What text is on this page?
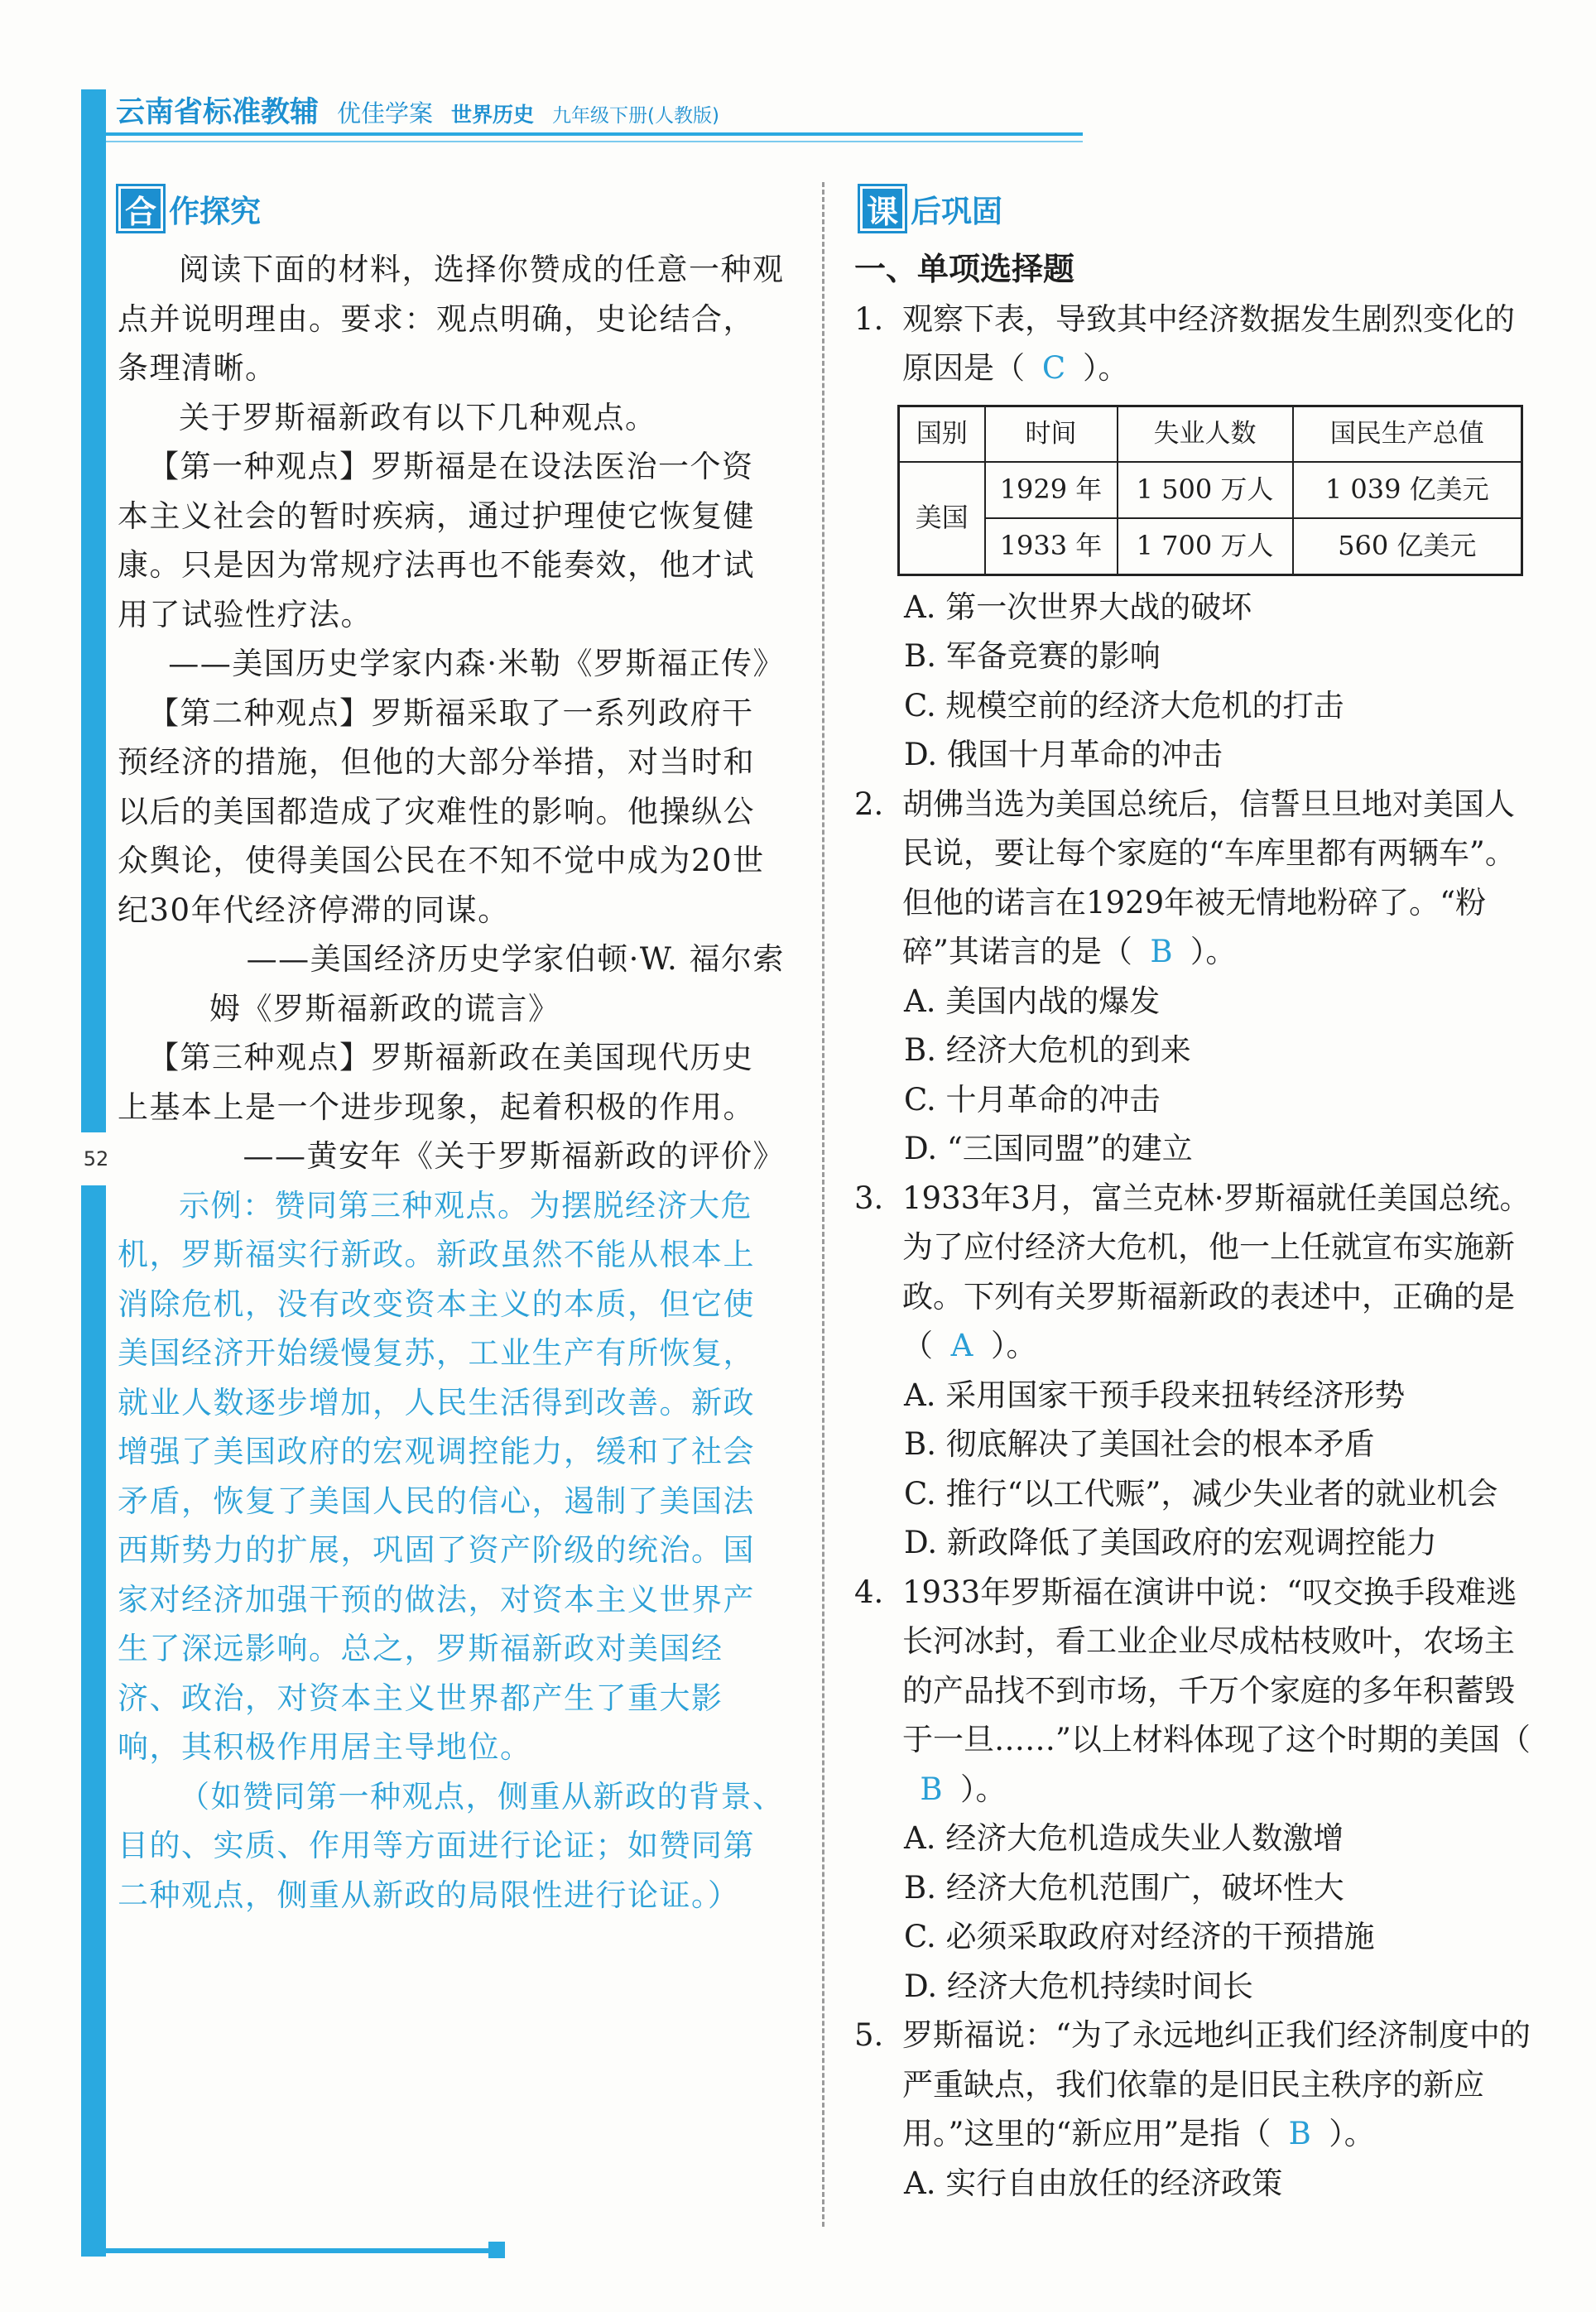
云南省标准教辅 优佳学案 世界历史 九年级下册(人教版)
52
合 作探究

阅读下面的材料，选择你赞成的任意一种观点并说明理由。要求：观点明确，史论结合，条理清晰。

关于罗斯福新政有以下几种观点。

【第一种观点】罗斯福是在设法医治一个资本主义社会的暂时疾病，通过护理使它恢复健康。只是因为常规疗法再也不能奏效，他才试用了试验性疗法。

——美国历史学家内森·米勒《罗斯福正传》

【第二种观点】罗斯福采取了一系列政府干预经济的措施，但他的大部分举措，对当时和以后的美国都造成了灾难性的影响。他操纵公众舆论，使得美国公民在不知不觉中成为20世纪30年代经济停滞的同谋。

——美国经济历史学家伯顿·W. 福尔索

姆《罗斯福新政的谎言》

【第三种观点】罗斯福新政在美国现代历史上基本上是一个进步现象，起着积极的作用。

——黄安年《关于罗斯福新政的评价》

示例：赞同第三种观点。为摆脱经济大危机，罗斯福实行新政。新政虽然不能从根本上消除危机，没有改变资本主义的本质，但它使美国经济开始缓慢复苏，工业生产有所恢复，就业人数逐步增加，人民生活得到改善。新政增强了美国政府的宏观调控能力，缓和了社会矛盾，恢复了美国人民的信心，遏制了美国法西斯势力的扩展，巩固了资产阶级的统治。国家对经济加强干预的做法，对资本主义世界产生了深远影响。总之，罗斯福新政对美国经济、政治，对资本主义世界都产生了重大影响，其积极作用居主导地位。

（如赞同第一种观点，侧重从新政的背景、目的、实质、作用等方面进行论证；如赞同第二种观点，侧重从新政的局限性进行论证。）

课 后巩固
一、单项选择题
1. 观察下表，导致其中经济数据发生剧烈变化的原因是（ C ）。
国别	时间	失业人数	国民生产总值
美国	1929 年	1 500 万人	1 039 亿美元
	1933 年	1 700 万人	560 亿美元
A. 第一次世界大战的破坏
B. 军备竞赛的影响
C. 规模空前的经济大危机的打击
D. 俄国十月革命的冲击
2. 胡佛当选为美国总统后，信誓旦旦地对美国人民说，要让每个家庭的“车库里都有两辆车”。但他的诺言在1929年被无情地粉碎了。“粉碎”其诺言的是（ B ）。
A. 美国内战的爆发
B. 经济大危机的到来
C. 十月革命的冲击
D. “三国同盟”的建立
3. 1933年3月，富兰克林·罗斯福就任美国总统。为了应付经济大危机，他一上任就宣布实施新政。下列有关罗斯福新政的表述中，正确的是（ A ）。
A. 采用国家干预手段来扭转经济形势
B. 彻底解决了美国社会的根本矛盾
C. 推行“以工代赈”，减少失业者的就业机会
D. 新政降低了美国政府的宏观调控能力
4. 1933年罗斯福在演讲中说：“叹交换手段难逃长河冰封，看工业企业尽成枯枝败叶，农场主的产品找不到市场，千万个家庭的多年积蓄毁于一旦……”以上材料体现了这个时期的美国（B ）。
A. 经济大危机造成失业人数激增
B. 经济大危机范围广，破坏性大
C. 必须采取政府对经济的干预措施
D. 经济大危机持续时间长
5. 罗斯福说：“为了永远地纠正我们经济制度中的严重缺点，我们依靠的是旧民主秩序的新应用。”这里的“新应用”是指（ B ）。
A. 实行自由放任的经济政策
